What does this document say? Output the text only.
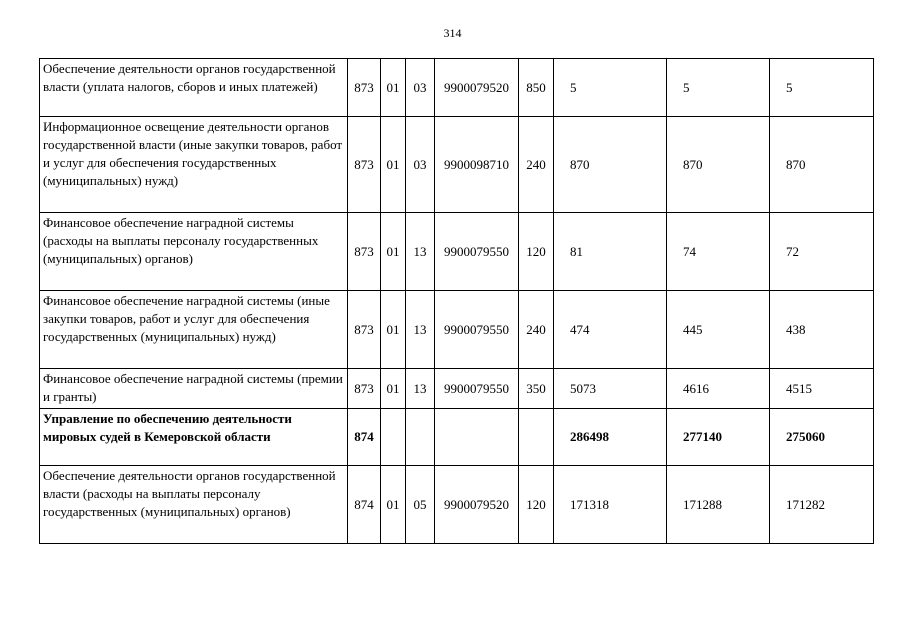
314
Обеспечение деятельности органов государственной власти (уплата налогов, сборов и иных платежей)	873	01	03	9900079520	850	5	5	5
Информационное освещение деятельности органов государственной власти (иные закупки товаров, работ и услуг для обеспечения государственных (муниципальных) нужд)	873	01	03	9900098710	240	870	870	870
Финансовое обеспечение наградной системы (расходы на выплаты персоналу государственных (муниципальных) органов)	873	01	13	9900079550	120	81	74	72
Финансовое обеспечение наградной системы (иные закупки товаров, работ и услуг для обеспечения государственных (муниципальных) нужд)	873	01	13	9900079550	240	474	445	438
Финансовое обеспечение наградной системы (премии и гранты)	873	01	13	9900079550	350	5073	4616	4515
Управление по обеспечению деятельности мировых судей в Кемеровской области	874					286498	277140	275060
Обеспечение деятельности органов государственной власти (расходы на выплаты персоналу государственных (муниципальных) органов)	874	01	05	9900079520	120	171318	171288	171282
